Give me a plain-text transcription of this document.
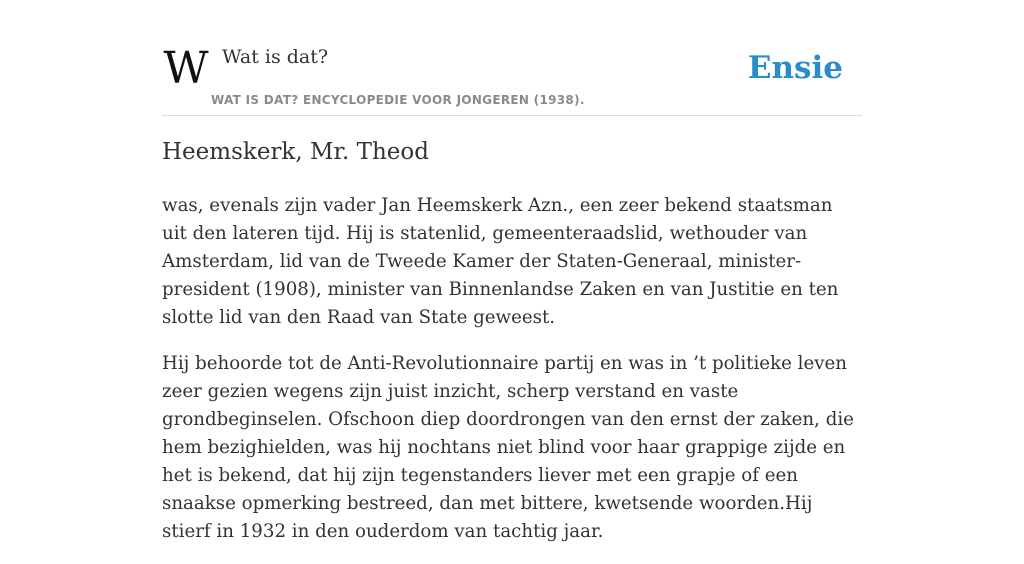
W Wat is dat?
WAT IS DAT? ENCYCLOPEDIE VOOR JONGEREN (1938).
Ensie
Heemskerk, Mr. Theod

was, evenals zijn vader Jan Heemskerk Azn., een zeer bekend staatsman uit den lateren tijd. Hij is statenlid, gemeenteraadslid, wethouder van Amsterdam, lid van de Tweede Kamer der Staten-Generaal, minister-president (1908), minister van Binnenlandse Zaken en van Justitie en ten slotte lid van den Raad van State geweest.

Hij behoorde tot de Anti-Revolutionnaire partij en was in ’t politieke leven zeer gezien wegens zijn juist inzicht, scherp verstand en vaste grondbeginselen. Ofschoon diep doordrongen van den ernst der zaken, die hem bezighielden, was hij nochtans niet blind voor haar grappige zijde en het is bekend, dat hij zijn tegenstanders liever met een grapje of een snaakse opmerking bestreed, dan met bittere, kwetsende woorden.Hij stierf in 1932 in den ouderdom van tachtig jaar.
